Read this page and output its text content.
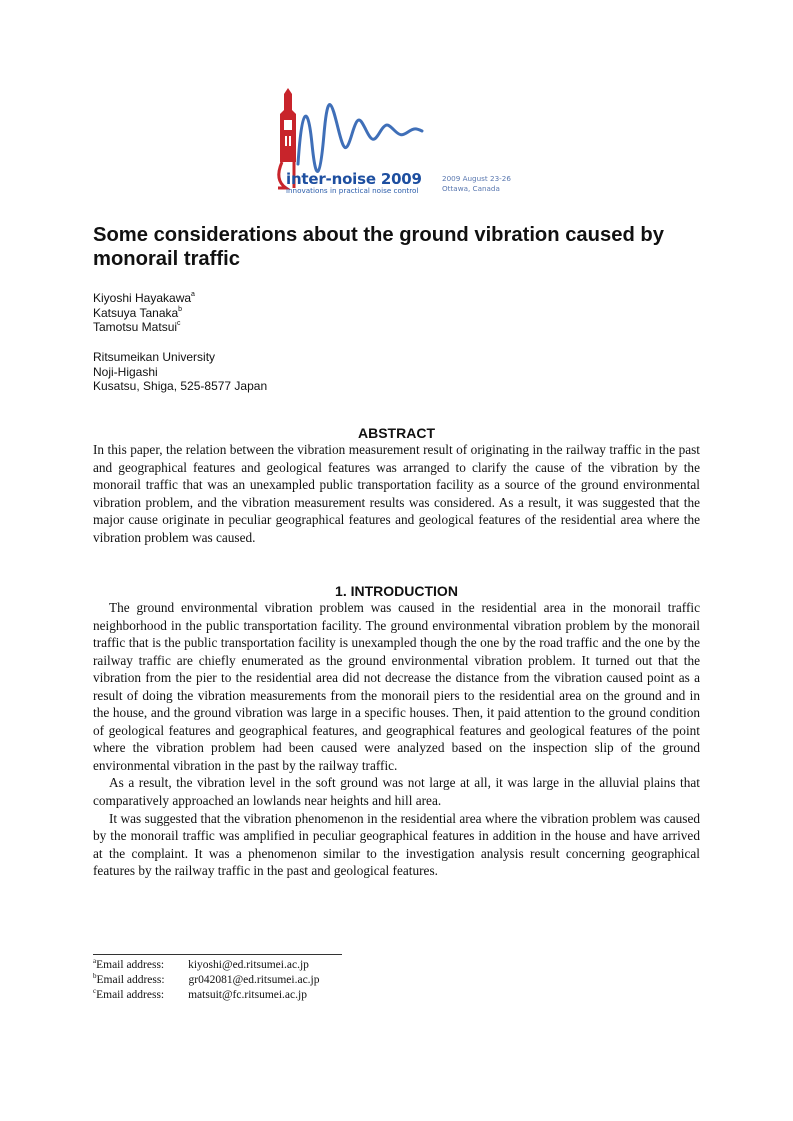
inter-noise 2009
innovations in practical noise control
2009 August 23-26
Ottawa, Canada
Some considerations about the ground vibration caused by monorail traffic
Kiyoshi Hayakawa$^a$
Katsuya Tanaka$^b$
Tamotsu Matsui$^c$
Ritsumeikan University
Noji-Higashi
Kusatsu, Shiga, 525-8577 Japan
ABSTRACT

In this paper, the relation between the vibration measurement result of originating in the railway traffic in the past and geographical features and geological features was arranged to clarify the cause of the vibration by the monorail traffic that was an unexampled public transportation facility as a source of the ground environmental vibration problem, and the vibration measurement results was considered. As a result, it was suggested that the major cause originate in peculiar geographical features and geological features of the residential area where the vibration problem was caused.

1. INTRODUCTION

The ground environmental vibration problem was caused in the residential area in the monorail traffic neighborhood in the public transportation facility. The ground environmental vibration problem by the monorail traffic that is the public transportation facility is unexampled though the one by the road traffic and the one by the railway traffic are chiefly enumerated as the ground environmental vibration problem. It turned out that the vibration from the pier to the residential area did not decrease the distance from the vibration caused point as a result of doing the vibration measurements from the monorail piers to the residential area on the ground and in the house, and the ground vibration was large in a specific houses. Then, it paid attention to the ground condition of geological features and geographical features, and geographical features and geological features of the point where the vibration problem had been caused were analyzed based on the inspection slip of the ground environmental vibration in the past by the railway traffic.

As a result, the vibration level in the soft ground was not large at all, it was large in the alluvial plains that comparatively approached an lowlands near heights and hill area.

It was suggested that the vibration phenomenon in the residential area where the vibration problem was caused by the monorail traffic was amplified in peculiar geographical features in addition in the house and have arrived at the complaint. It was a phenomenon similar to the investigation analysis result concerning geographical features by the railway traffic in the past and geological features.

$^a$Email address: kiyoshi@ed.ritsumei.ac.jp
$^b$Email address: gr042081@ed.ritsumei.ac.jp
$^c$Email address: matsuit@fc.ritsumei.ac.jp
